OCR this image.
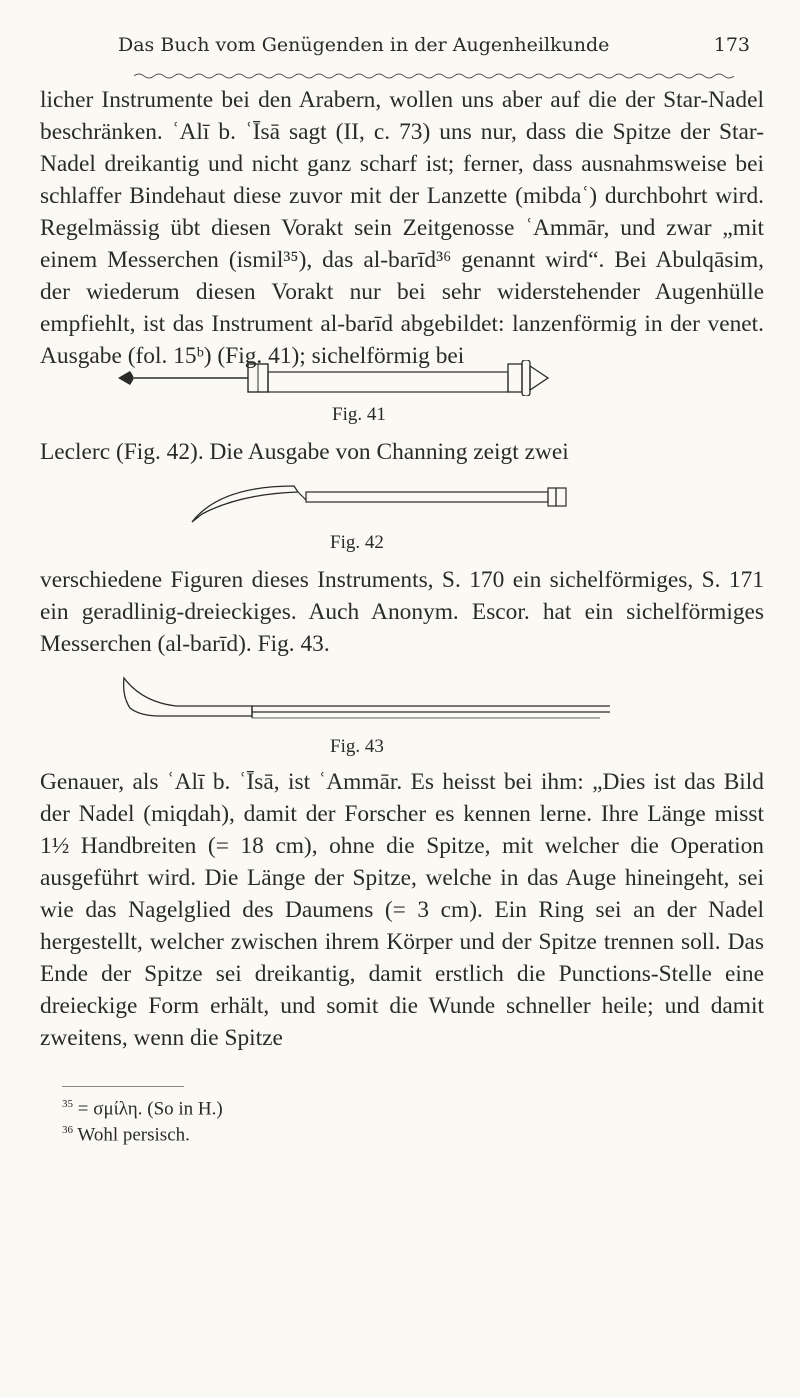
Das Buch vom Genügenden in der Augenheilkunde	173

licher Instrumente bei den Arabern, wollen uns aber auf die der Star-Nadel beschränken. ʿAlī b. ʿĪsā sagt (II, c. 73) uns nur, dass die Spitze der Star-Nadel dreikantig und nicht ganz scharf ist; ferner, dass ausnahmsweise bei schlaffer Bindehaut diese zuvor mit der Lanzette (mibdaʿ) durchbohrt wird. Regelmässig übt diesen Vorakt sein Zeitgenosse ʿAmmār, und zwar „mit einem Messerchen (ismil³⁵), das al-barīd³⁶ genannt wird“. Bei Abulqāsim, der wiederum diesen Vorakt nur bei sehr widerstehender Augenhülle empfiehlt, ist das Instrument al-barīd abgebildet: lanzenförmig in der venet. Ausgabe (fol. 15ᵇ) (Fig. 41); sichelförmig bei

Fig. 41

Leclerc (Fig. 42). Die Ausgabe von Channing zeigt zwei

Fig. 42

verschiedene Figuren dieses Instruments, S. 170 ein sichelförmiges, S. 171 ein geradlinig-dreieckiges. Auch Anonym. Escor. hat ein sichelförmiges Messerchen (al-barīd). Fig. 43.

Fig. 43

Genauer, als ʿAlī b. ʿĪsā, ist ʿAmmār. Es heisst bei ihm: „Dies ist das Bild der Nadel (miqdah), damit der Forscher es kennen lerne. Ihre Länge misst 1½ Handbreiten (= 18 cm), ohne die Spitze, mit welcher die Operation ausgeführt wird. Die Länge der Spitze, welche in das Auge hineingeht, sei wie das Nagelglied des Daumens (= 3 cm). Ein Ring sei an der Nadel hergestellt, welcher zwischen ihrem Körper und der Spitze trennen soll. Das Ende der Spitze sei dreikantig, damit erstlich die Punctions-Stelle eine dreieckige Form erhält, und somit die Wunde schneller heile; und damit zweitens, wenn die Spitze

$^{35}$ = σμίλη. (So in H.)
$^{36}$ Wohl persisch.
